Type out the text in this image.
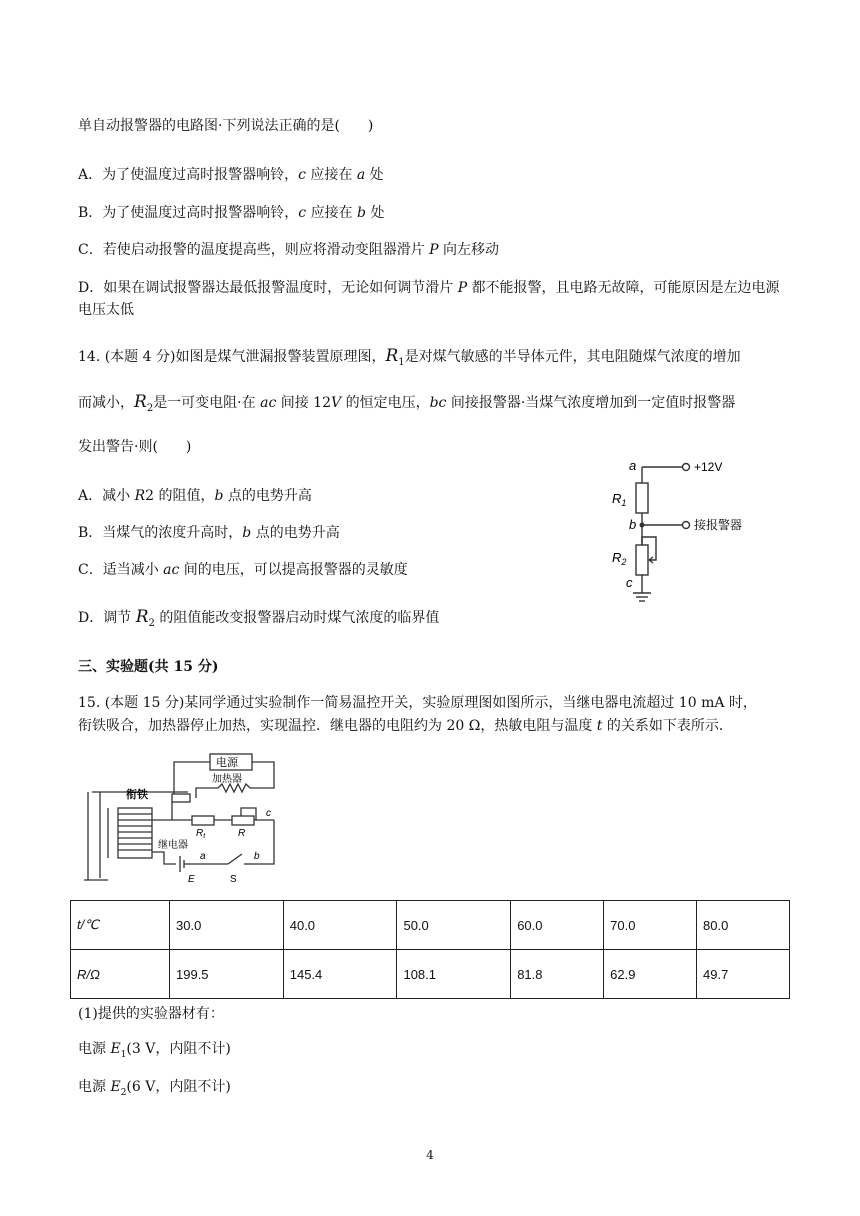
单自动报警器的电路图·下列说法正确的是(　　)
A．为了使温度过高时报警器响铃，c 应接在 a 处
B．为了使温度过高时报警器响铃，c 应接在 b 处
C．若使启动报警的温度提高些，则应将滑动变阻器滑片 P 向左移动
D．如果在调试报警器达最低报警温度时，无论如何调节滑片 P 都不能报警，且电路无故障，可能原因是左边电源电压太低
14. (本题 4 分)如图是煤气泄漏报警装置原理图，$R_1$是对煤气敏感的半导体元件，其电阻随煤气浓度的增加
而减小，$R_2$是一可变电阻·在 ac 间接 12V 的恒定电压，bc 间接报警器·当煤气浓度增加到一定值时报警器
发出警告·则(　　)
A．减小 R2 的阻值，b 点的电势升高
B．当煤气的浓度升高时，b 点的电势升高
C．适当减小 ac 间的电压，可以提高报警器的灵敏度
D．调节 $R_2$ 的阻值能改变报警器启动时煤气浓度的临界值
a
$R_1$
b
$R_2$
c
+12V
接报警器
三、实验题(共 15 分)
15. (本题 15 分)某同学通过实验制作一简易温控开关，实验原理图如图所示，当继电器电流超过 10 mA 时，
衔铁吸合，加热器停止加热，实现温控．继电器的电阻约为 20 Ω，热敏电阻与温度 t 的关系如下表所示．
电源
加热器
衔铁
继电器
$R_t$	R
c
a	b
E	S
t/℃	30.0	40.0	50.0	60.0	70.0	80.0
R/Ω	199.5	145.4	108.1	81.8	62.9	49.7
(1)提供的实验器材有：
电源 $E_1(3$ V，内阻不计)
电源 $E_2(6$ V，内阻不计)
4
